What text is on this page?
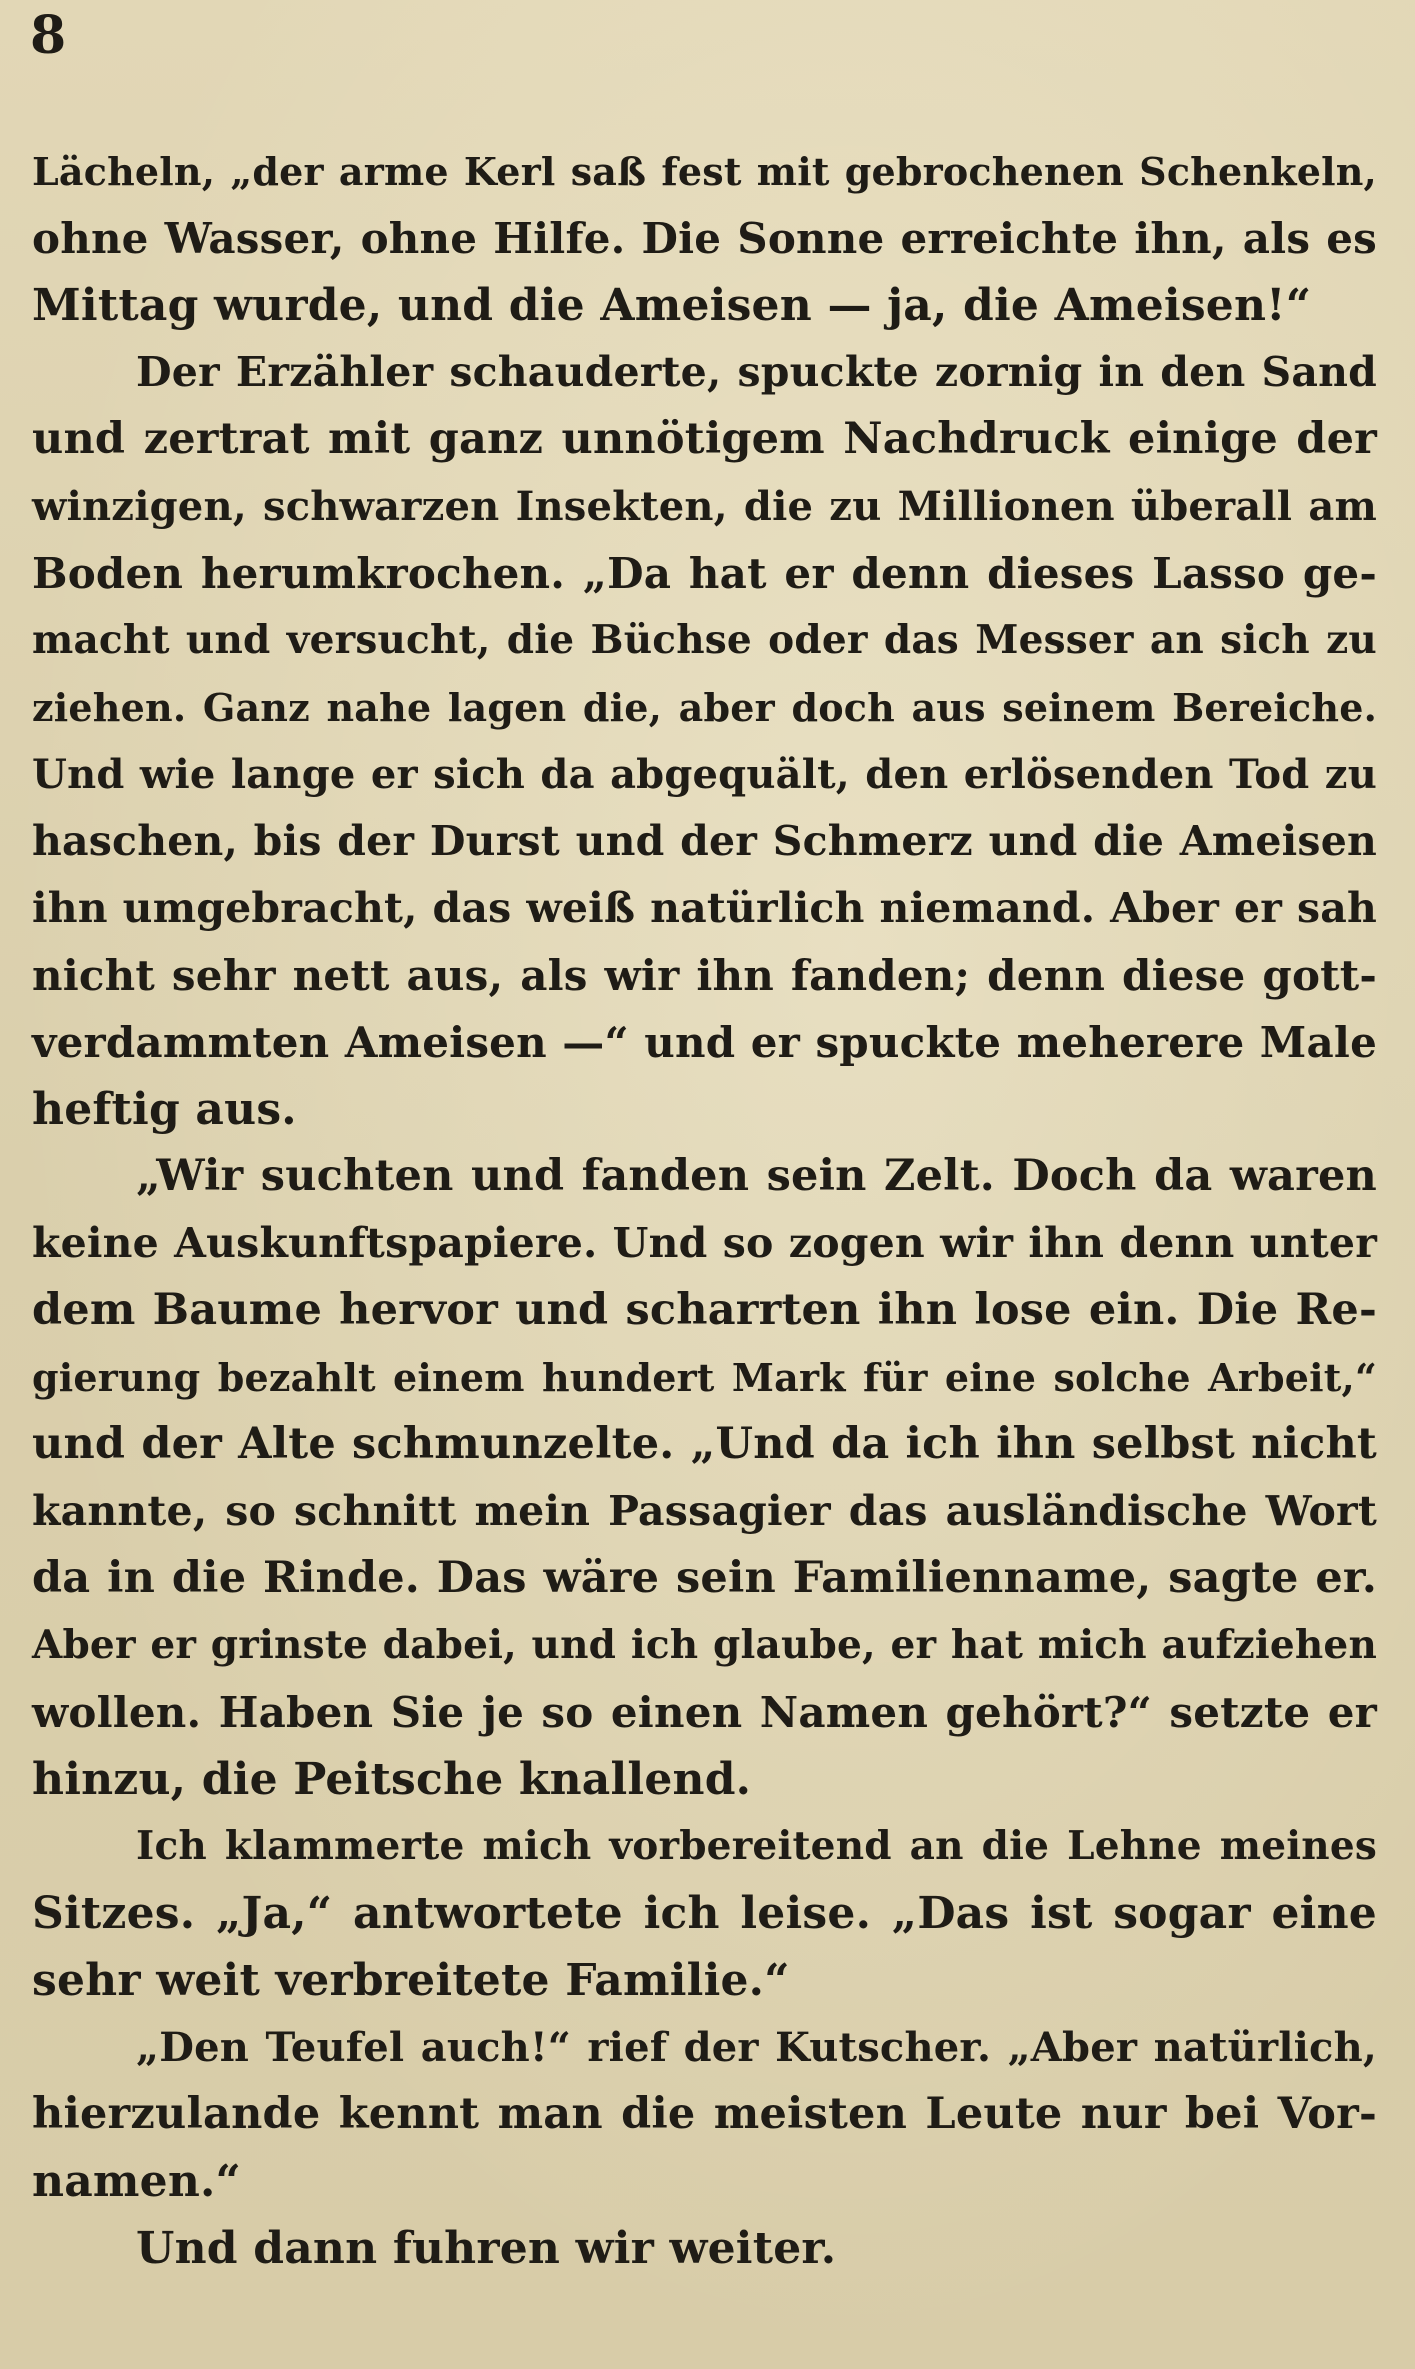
8
Lächeln, „der arme Kerl saß fest mit gebrochenen Schenkeln,
ohne Wasser, ohne Hilfe. Die Sonne erreichte ihn, als es
Mittag wurde, und die Ameisen — ja, die Ameisen!“
Der Erzähler schauderte, spuckte zornig in den Sand
und zertrat mit ganz unnötigem Nachdruck einige der
winzigen, schwarzen Insekten, die zu Millionen überall am
Boden herumkrochen. „Da hat er denn dieses Lasso ge-
macht und versucht, die Büchse oder das Messer an sich zu
ziehen. Ganz nahe lagen die, aber doch aus seinem Bereiche.
Und wie lange er sich da abgequält, den erlösenden Tod zu
haschen, bis der Durst und der Schmerz und die Ameisen
ihn umgebracht, das weiß natürlich niemand. Aber er sah
nicht sehr nett aus, als wir ihn fanden; denn diese gott-
verdammten Ameisen —“ und er spuckte meherere Male
heftig aus.
„Wir suchten und fanden sein Zelt. Doch da waren
keine Auskunftspapiere. Und so zogen wir ihn denn unter
dem Baume hervor und scharrten ihn lose ein. Die Re-
gierung bezahlt einem hundert Mark für eine solche Arbeit,“
und der Alte schmunzelte. „Und da ich ihn selbst nicht
kannte, so schnitt mein Passagier das ausländische Wort
da in die Rinde. Das wäre sein Familienname, sagte er.
Aber er grinste dabei, und ich glaube, er hat mich aufziehen
wollen. Haben Sie je so einen Namen gehört?“ setzte er
hinzu, die Peitsche knallend.
Ich klammerte mich vorbereitend an die Lehne meines
Sitzes. „Ja,“ antwortete ich leise. „Das ist sogar eine
sehr weit verbreitete Familie.“
„Den Teufel auch!“ rief der Kutscher. „Aber natürlich,
hierzulande kennt man die meisten Leute nur bei Vor-
namen.“
Und dann fuhren wir weiter.
